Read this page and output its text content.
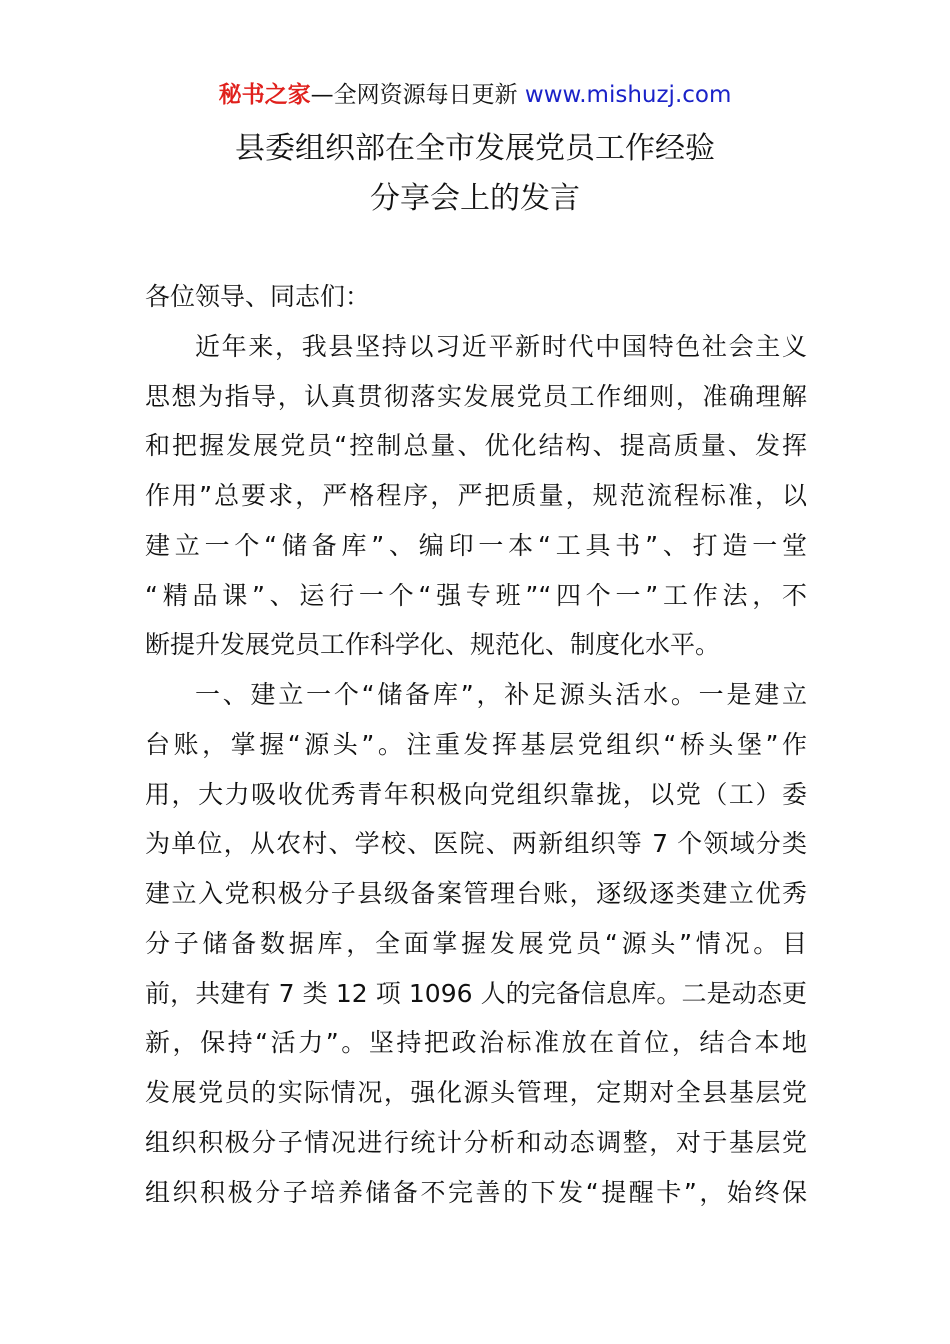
秘书之家—全网资源每日更新 www.mishuzj.com
县委组织部在全市发展党员工作经验
分享会上的发言
各位领导、同志们：
近年来，我县坚持以习近平新时代中国特色社会主义
思想为指导，认真贯彻落实发展党员工作细则，准确理解
和把握发展党员“控制总量、优化结构、提高质量、发挥
作用”总要求，严格程序，严把质量，规范流程标准，以
建立一个“储备库”、编印一本“工具书”、打造一堂
“精品课”、运行一个“强专班”“四个一”工作法，不
断提升发展党员工作科学化、规范化、制度化水平。
一、建立一个“储备库”，补足源头活水。一是建立
台账，掌握“源头”。注重发挥基层党组织“桥头堡”作
用，大力吸收优秀青年积极向党组织靠拢，以党（工）委
为单位，从农村、学校、医院、两新组织等 7 个领域分类
建立入党积极分子县级备案管理台账，逐级逐类建立优秀
分子储备数据库，全面掌握发展党员“源头”情况。目
前，共建有 7 类 12 项 1096 人的完备信息库。二是动态更
新，保持“活力”。坚持把政治标准放在首位，结合本地
发展党员的实际情况，强化源头管理，定期对全县基层党
组织积极分子情况进行统计分析和动态调整，对于基层党
组织积极分子培养储备不完善的下发“提醒卡”，始终保
